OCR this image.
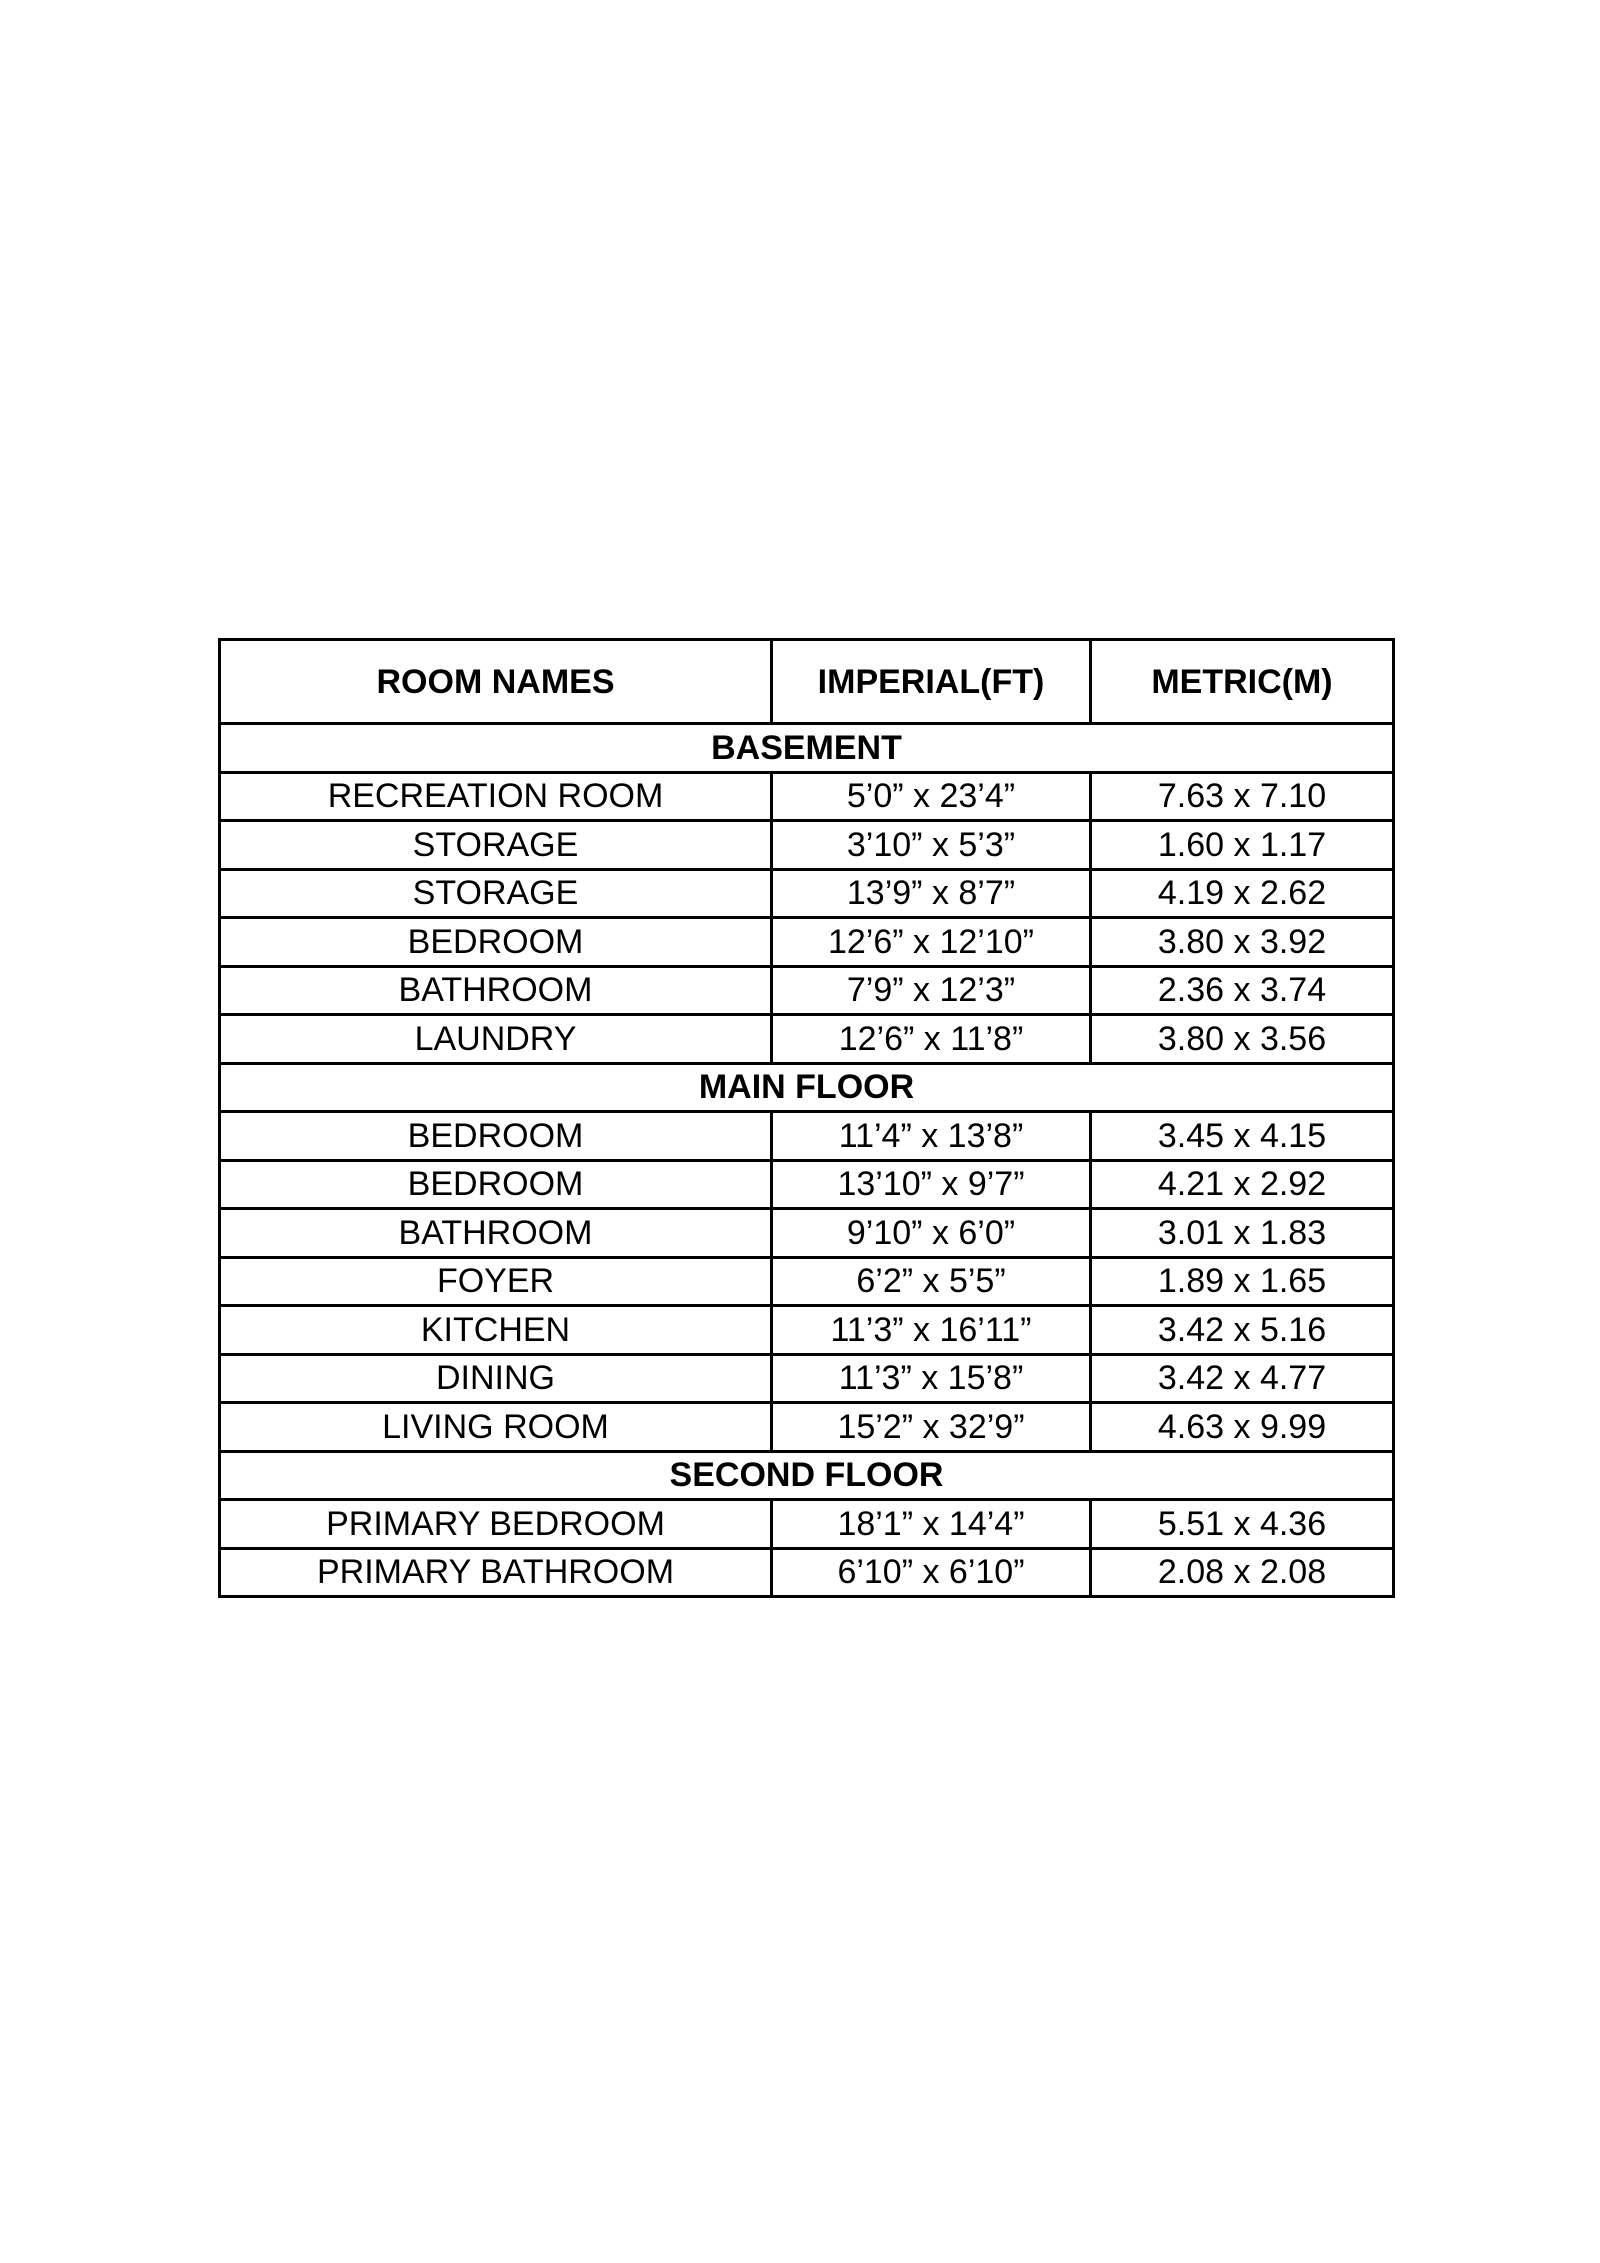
ROOM NAMES	IMPERIAL(FT)	METRIC(M)
BASEMENT		
RECREATION ROOM	5’0” x 23’4”	7.63 x 7.10
STORAGE	3’10” x 5’3”	1.60 x 1.17
STORAGE	13’9” x 8’7”	4.19 x 2.62
BEDROOM	12’6” x 12’10”	3.80 x 3.92
BATHROOM	7’9” x 12’3”	2.36 x 3.74
LAUNDRY	12’6” x 11’8”	3.80 x 3.56
MAIN FLOOR		
BEDROOM	11’4” x 13’8”	3.45 x 4.15
BEDROOM	13’10” x 9’7”	4.21 x 2.92
BATHROOM	9’10” x 6’0”	3.01 x 1.83
FOYER	6’2” x 5’5”	1.89 x 1.65
KITCHEN	11’3” x 16’11”	3.42 x 5.16
DINING	11’3” x 15’8”	3.42 x 4.77
LIVING ROOM	15’2” x 32’9”	4.63 x 9.99
SECOND FLOOR		
PRIMARY BEDROOM	18’1” x 14’4”	5.51 x 4.36
PRIMARY BATHROOM	6’10” x 6’10”	2.08 x 2.08
